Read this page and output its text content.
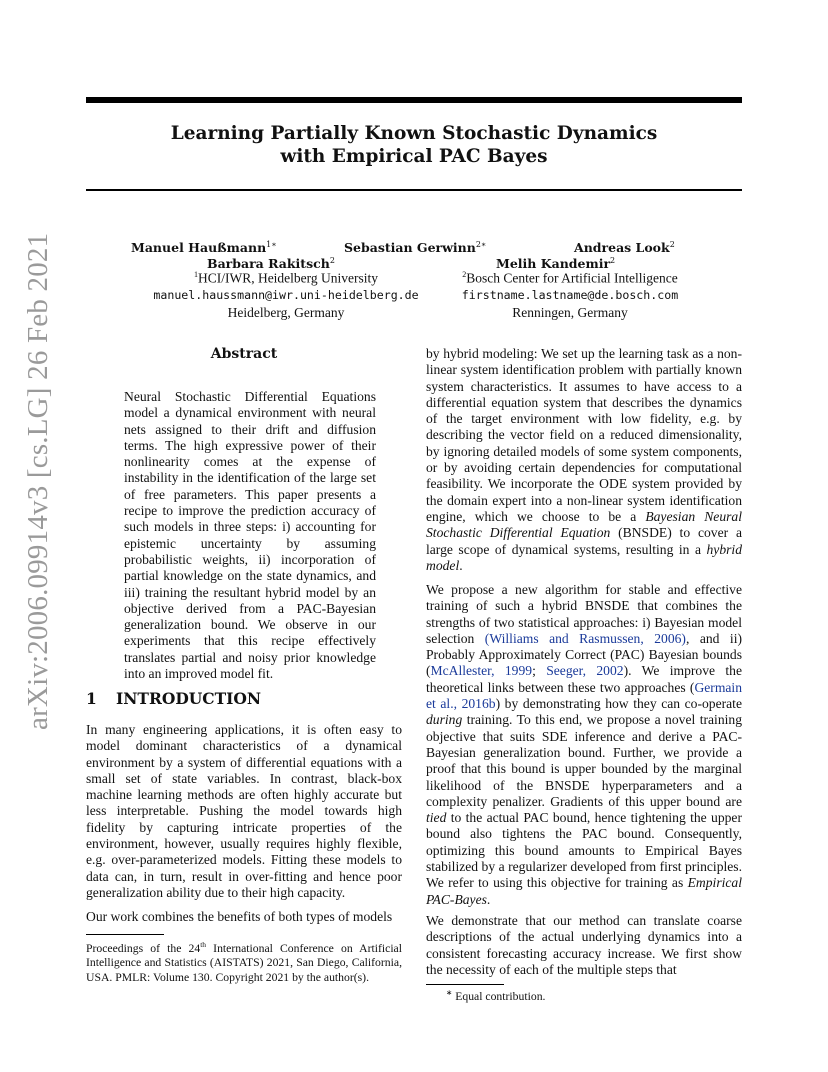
Learning Partially Known Stochastic Dynamics
with Empirical PAC Bayes
arXiv:2006.09914v3 [cs.LG] 26 Feb 2021	Manuel Haußmann$^{1∗}$	Sebastian Gerwinn$^{2∗}$	Andreas Look$^2$
Barbara Rakitsch$^2$	Melih Kandemir$^2$
$^1$HCI/IWR, Heidelberg University
manuel.haussmann@iwr.uni-heidelberg.de
Heidelberg, Germany
$^2$Bosch Center for Artificial Intelligence
firstname.lastname@de.bosch.com
Renningen, Germany
Abstract

Neural Stochastic Differential Equations model a dynamical environment with neural nets assigned to their drift and diffusion terms. The high expressive power of their nonlinearity comes at the expense of instability in the identification of the large set of free parameters. This paper presents a recipe to improve the prediction accuracy of such models in three steps: i) accounting for epistemic uncertainty by assuming probabilistic weights, ii) incorporation of partial knowledge on the state dynamics, and iii) training the resultant hybrid model by an objective derived from a PAC-Bayesian generalization bound. We observe in our experiments that this recipe effectively translates partial and noisy prior knowledge into an improved model fit.

1 INTRODUCTION

In many engineering applications, it is often easy to model dominant characteristics of a dynamical environment by a system of differential equations with a small set of state variables. In contrast, black-box machine learning methods are often highly accurate but less interpretable. Pushing the model towards high fidelity by capturing intricate properties of the environment, however, usually requires highly flexible, e.g. over-parameterized models. Fitting these models to data can, in turn, result in over-fitting and hence poor generalization ability due to their high capacity.

Our work combines the benefits of both types of models

Proceedings of the 24th International Conference on Artificial Intelligence and Statistics (AISTATS) 2021, San Diego, California, USA. PMLR: Volume 130. Copyright 2021 by the author(s).

by hybrid modeling: We set up the learning task as a non-linear system identification problem with partially known system characteristics. It assumes to have access to a differential equation system that describes the dynamics of the target environment with low fidelity, e.g. by describing the vector field on a reduced dimensionality, by ignoring detailed models of some system components, or by avoiding certain dependencies for computational feasibility. We incorporate the ODE system provided by the domain expert into a non-linear system identification engine, which we choose to be a Bayesian Neural Stochastic Differential Equation (BNSDE) to cover a large scope of dynamical systems, resulting in a hybrid model.

We propose a new algorithm for stable and effective training of such a hybrid BNSDE that combines the strengths of two statistical approaches: i) Bayesian model selection (Williams and Rasmussen, 2006), and ii) Probably Approximately Correct (PAC) Bayesian bounds (McAllester, 1999; Seeger, 2002). We improve the theoretical links between these two approaches (Germain et al., 2016b) by demonstrating how they can co-operate during training. To this end, we propose a novel training objective that suits SDE inference and derive a PAC-Bayesian generalization bound. Further, we provide a proof that this bound is upper bounded by the marginal likelihood of the BNSDE hyperparameters and a complexity penalizer. Gradients of this upper bound are tied to the actual PAC bound, hence tightening the upper bound also tightens the PAC bound. Consequently, optimizing this bound amounts to Empirical Bayes stabilized by a regularizer developed from first principles. We refer to using this objective for training as Empirical PAC-Bayes.

We demonstrate that our method can translate coarse descriptions of the actual underlying dynamics into a consistent forecasting accuracy increase. We first show the necessity of each of the multiple steps that

∗ Equal contribution.
